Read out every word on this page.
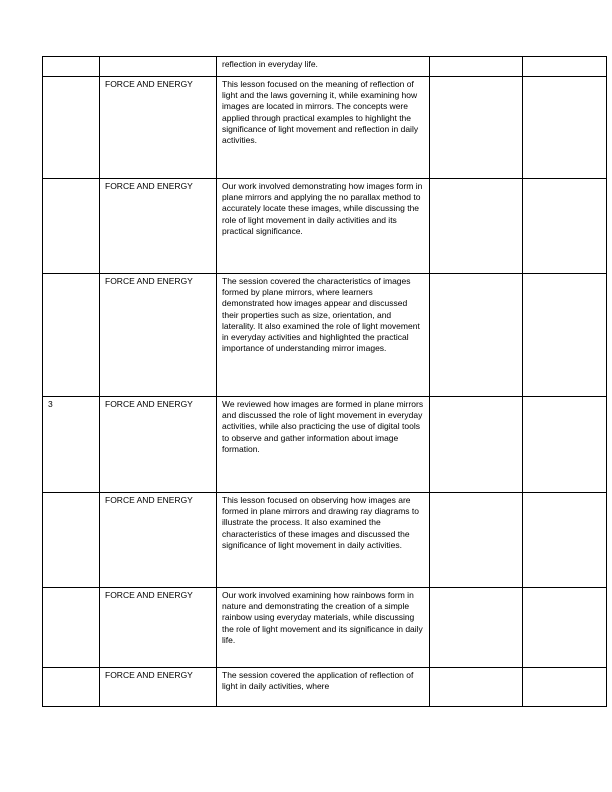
		reflection in everyday life.		
	FORCE AND ENERGY	This lesson focused on the meaning of reflection of light and the laws governing it, while examining how images are located in mirrors. The concepts were applied through practical examples to highlight the significance of light movement and reflection in daily activities.		
	FORCE AND ENERGY	Our work involved demonstrating how images form in plane mirrors and applying the no parallax method to accurately locate these images, while discussing the role of light movement in daily activities and its practical significance.		
	FORCE AND ENERGY	The session covered the characteristics of images formed by plane mirrors, where learners demonstrated how images appear and discussed their properties such as size, orientation, and laterality. It also examined the role of light movement in everyday activities and highlighted the practical importance of understanding mirror images.		
3	FORCE AND ENERGY	We reviewed how images are formed in plane mirrors and discussed the role of light movement in everyday activities, while also practicing the use of digital tools to observe and gather information about image formation.		
	FORCE AND ENERGY	This lesson focused on observing how images are formed in plane mirrors and drawing ray diagrams to illustrate the process. It also examined the characteristics of these images and discussed the significance of light movement in daily activities.		
	FORCE AND ENERGY	Our work involved examining how rainbows form in nature and demonstrating the creation of a simple rainbow using everyday materials, while discussing the role of light movement and its significance in daily life.		
	FORCE AND ENERGY	The session covered the application of reflection of light in daily activities, where		
